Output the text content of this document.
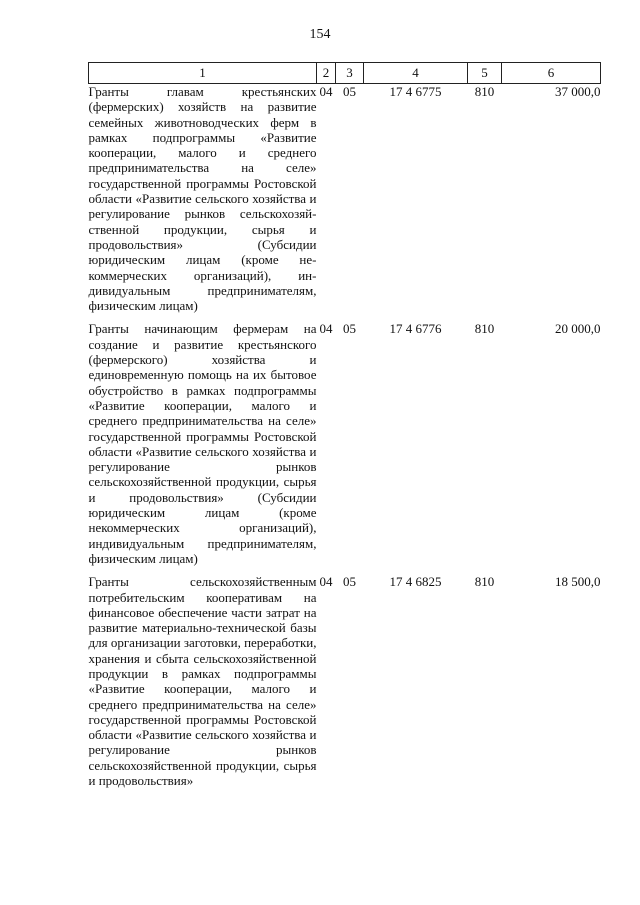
154
1	2	3	4	5	6
Гранты главам крестьянских (фермерских) хозяйств на развитие семейных животноводческих ферм в рамках подпрограммы «Развитие кооперации, малого и среднего предпринимательства на селе» государственной программы Ростовской области «Развитие сельского хозяйства и регулирование рынков сельскохозяйственной продукции, сырья и продовольствия» (Субсидии юридическим лицам (кроме некоммерческих организаций), индивидуальным предпринимателям, физическим лицам)	04	05	17 4 6775	810	37 000,0
Гранты начинающим фермерам на создание и развитие крестьянского (фермерского) хозяйства и единовременную помощь на их бытовое обустройство в рамках подпрограммы «Развитие кооперации, малого и среднего предпринимательства на селе» государственной программы Ростовской области «Развитие сельского хозяйства и регулирование рынков сельскохозяйственной продукции, сырья и продовольствия» (Субсидии юридическим лицам (кроме некоммерческих организаций), индивидуальным предпринимателям, физическим лицам)	04	05	17 4 6776	810	20 000,0
Гранты сельскохозяйственным потребительским кооперативам на финансовое обеспечение части затрат на развитие материально-технической базы для организации заготовки, переработки, хранения и сбыта сельскохозяйственной продукции в рамках подпрограммы «Развитие кооперации, малого и среднего предпринимательства на селе» государственной программы Ростовской области «Развитие сельского хозяйства и регулирование рынков сельскохозяйственной продукции, сырья и продовольствия»	04	05	17 4 6825	810	18 500,0
